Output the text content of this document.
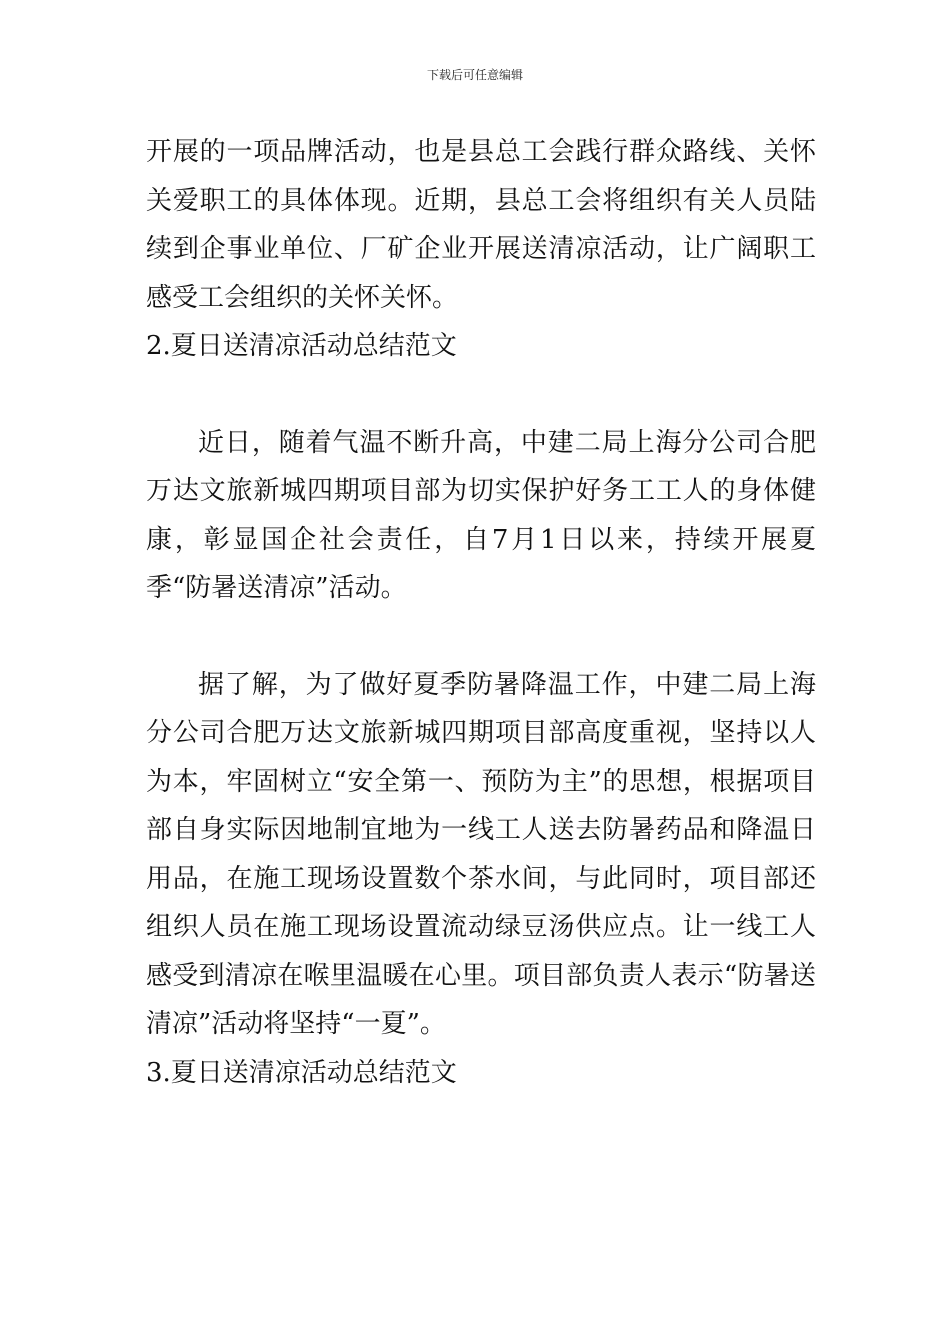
下载后可任意编辑

开展的一项品牌活动，也是县总工会践行群众路线、关怀关爱职工的具体体现。近期，县总工会将组织有关人员陆续到企事业单位、厂矿企业开展送清凉活动，让广阔职工感受工会组织的关怀关怀。

2.夏日送清凉活动总结范文

近日，随着气温不断升高，中建二局上海分公司合肥万达文旅新城四期项目部为切实保护好务工工人的身体健康，彰显国企社会责任，自7月1日以来，持续开展夏季“防暑送清凉”活动。

据了解，为了做好夏季防暑降温工作，中建二局上海分公司合肥万达文旅新城四期项目部高度重视，坚持以人为本，牢固树立“安全第一、预防为主”的思想，根据项目部自身实际因地制宜地为一线工人送去防暑药品和降温日用品，在施工现场设置数个茶水间，与此同时，项目部还组织人员在施工现场设置流动绿豆汤供应点。让一线工人感受到清凉在喉里温暖在心里。项目部负责人表示“防暑送清凉”活动将坚持“一夏”。

3.夏日送清凉活动总结范文
